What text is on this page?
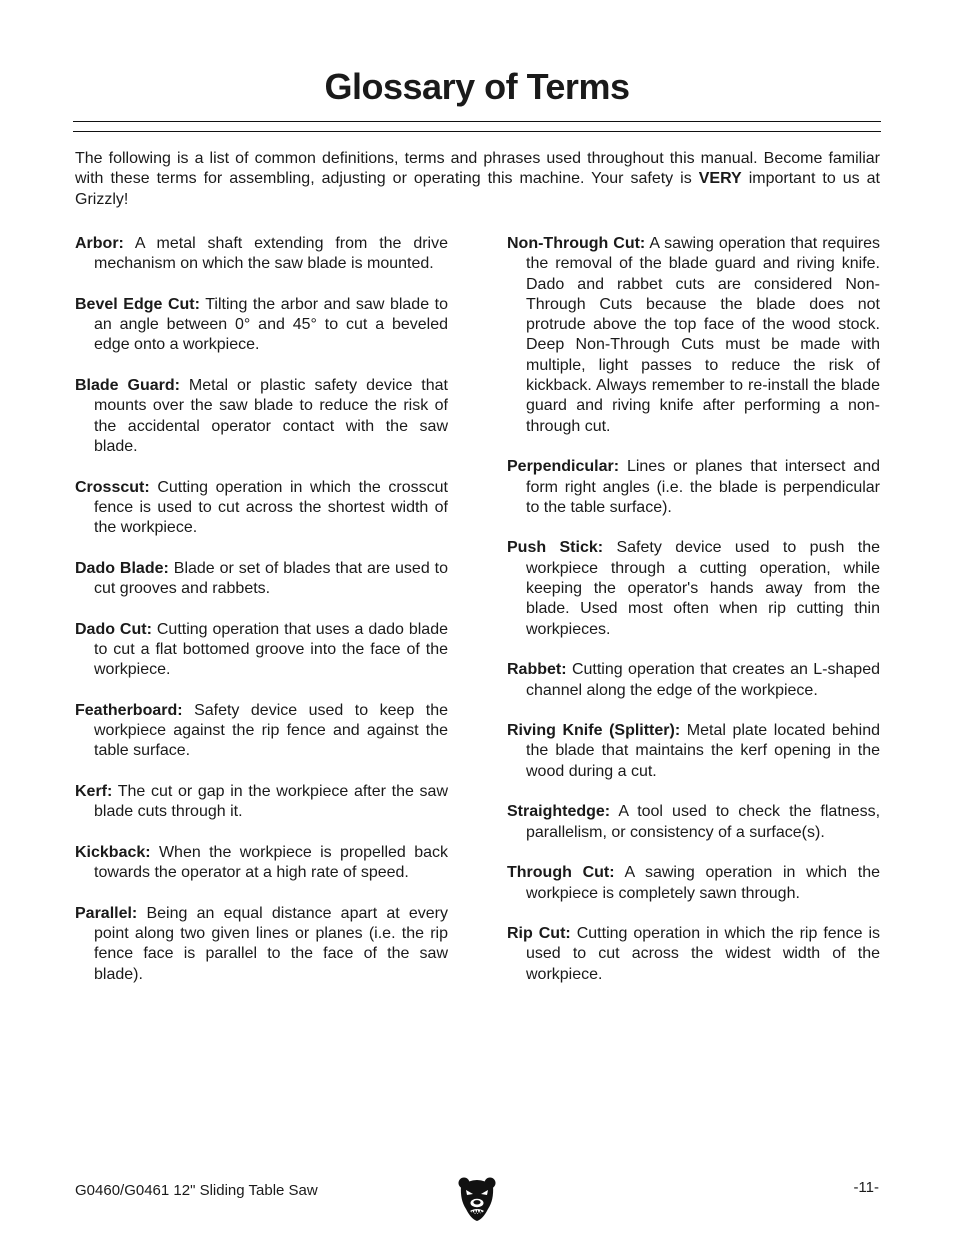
Glossary of Terms

The following is a list of common definitions, terms and phrases used throughout this manual. Become familiar with these terms for assembling, adjusting or operating this machine. Your safety is VERY important to us at Grizzly!

Arbor: A metal shaft extending from the drive mechanism on which the saw blade is mounted.

Bevel Edge Cut: Tilting the arbor and saw blade to an angle between 0° and 45° to cut a beveled edge onto a workpiece.

Blade Guard: Metal or plastic safety device that mounts over the saw blade to reduce the risk of the accidental operator contact with the saw blade.

Crosscut: Cutting operation in which the crosscut fence is used to cut across the shortest width of the workpiece.

Dado Blade: Blade or set of blades that are used to cut grooves and rabbets.

Dado Cut: Cutting operation that uses a dado blade to cut a flat bottomed groove into the face of the workpiece.

Featherboard: Safety device used to keep the workpiece against the rip fence and against the table surface.

Kerf: The cut or gap in the workpiece after the saw blade cuts through it.

Kickback: When the workpiece is propelled back towards the operator at a high rate of speed.

Parallel: Being an equal distance apart at every point along two given lines or planes (i.e. the rip fence face is parallel to the face of the saw blade).

Non-Through Cut: A sawing operation that requires the removal of the blade guard and riving knife. Dado and rabbet cuts are considered Non-Through Cuts because the blade does not protrude above the top face of the wood stock. Deep Non-Through Cuts must be made with multiple, light passes to reduce the risk of kickback. Always remember to re-install the blade guard and riving knife after performing a non-through cut.

Perpendicular: Lines or planes that intersect and form right angles (i.e. the blade is perpendicular to the table surface).

Push Stick: Safety device used to push the workpiece through a cutting operation, while keeping the operator's hands away from the blade. Used most often when rip cutting thin workpieces.

Rabbet: Cutting operation that creates an L-shaped channel along the edge of the workpiece.

Riving Knife (Splitter): Metal plate located behind the blade that maintains the kerf opening in the wood during a cut.

Straightedge: A tool used to check the flatness, parallelism, or consistency of a surface(s).

Through Cut: A sawing operation in which the workpiece is completely sawn through.

Rip Cut: Cutting operation in which the rip fence is used to cut across the widest width of the workpiece.

G0460/G0461 12" Sliding Table Saw	-11-
